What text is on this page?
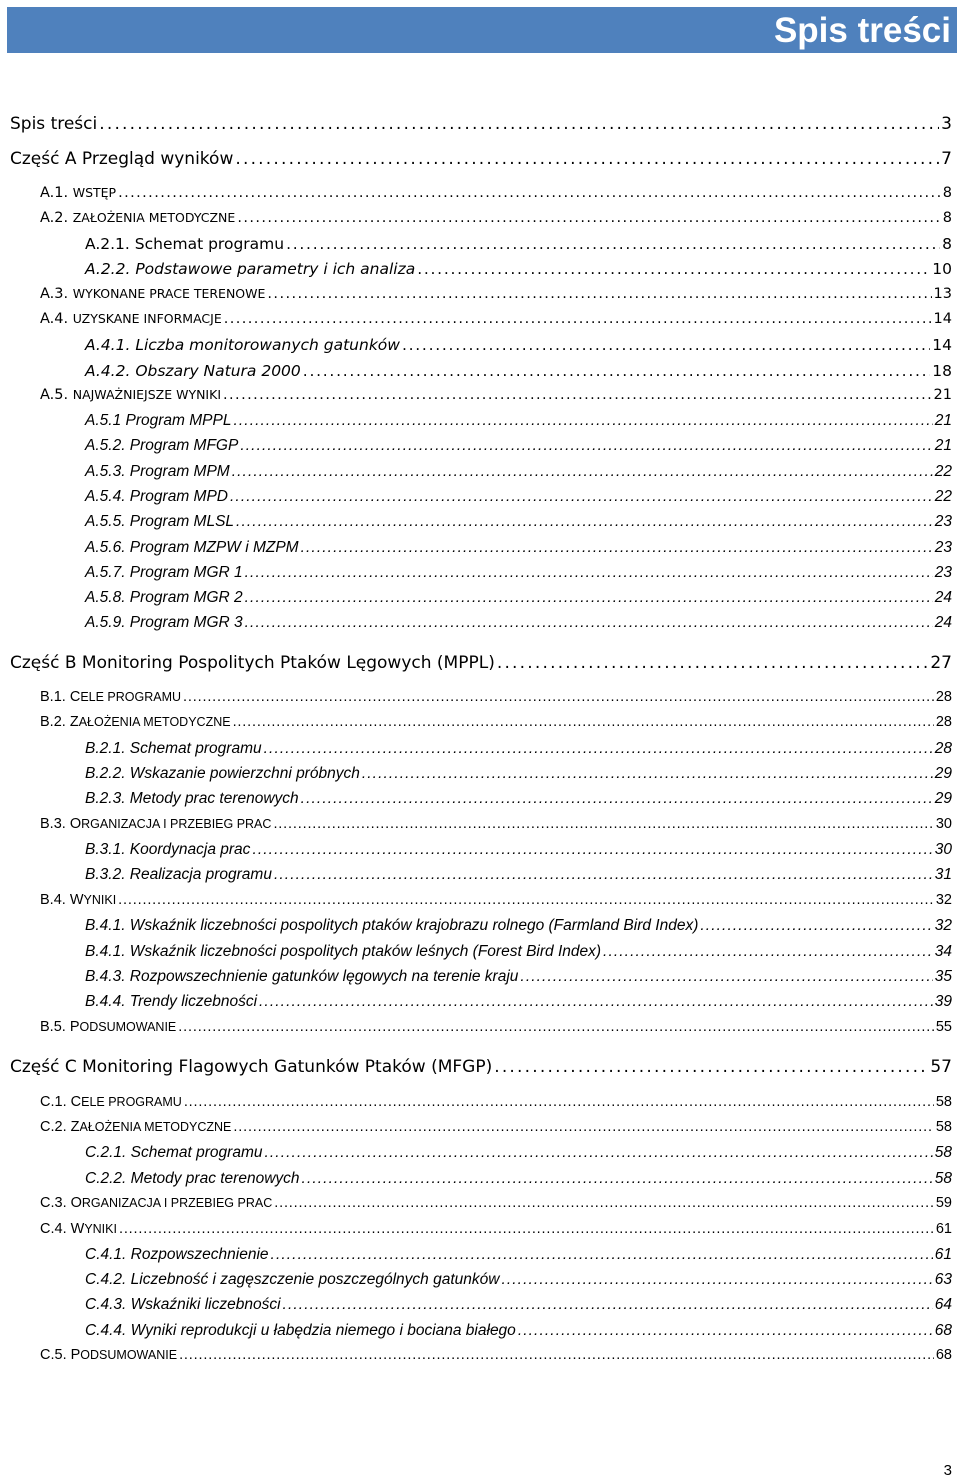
Spis treści
Spis treści . . .	3
Część A Przegląd wyników . . .	7
A.1. WSTĘP . . .	8
A.2. ZAŁOŻENIA METODYCZNE . . .	8
A.2.1. Schemat programu . . .	8
A.2.2. Podstawowe parametry i ich analiza . . .	10
A.3. WYKONANE PRACE TERENOWE . . .	13
A.4. UZYSKANE INFORMACJE . . .	14
A.4.1. Liczba monitorowanych gatunków . . .	14
A.4.2. Obszary Natura 2000 . . .	18
A.5. NAJWAŻNIEJSZE WYNIKI . . .	21
A.5.1 Program MPPL . . .	21
A.5.2. Program MFGP . . .	21
A.5.3. Program MPM . . .	22
A.5.4. Program MPD . . .	22
A.5.5. Program MLSL . . .	23
A.5.6. Program MZPW i MZPM . . .	23
A.5.7. Program MGR 1 . . .	23
A.5.8. Program MGR 2 . . .	24
A.5.9. Program MGR 3 . . .	24
Część B Monitoring Pospolitych Ptaków Lęgowych (MPPL) . . .	27
B.1. CELE PROGRAMU . . .	28
B.2. ZAŁOŻENIA METODYCZNE . . .	28
B.2.1. Schemat programu . . .	28
B.2.2. Wskazanie powierzchni próbnych . . .	29
B.2.3. Metody prac terenowych . . .	29
B.3. ORGANIZACJA I PRZEBIEG PRAC . . .	30
B.3.1. Koordynacja prac . . .	30
B.3.2. Realizacja programu . . .	31
B.4. WYNIKI . . .	32
B.4.1. Wskaźnik liczebności pospolitych ptaków krajobrazu rolnego (Farmland Bird Index) . . .	32
B.4.1. Wskaźnik liczebności pospolitych ptaków leśnych (Forest Bird Index) . . .	34
B.4.3. Rozpowszechnienie gatunków lęgowych na terenie kraju . . .	35
B.4.4. Trendy liczebności . . .	39
B.5. PODSUMOWANIE . . .	55
Część C Monitoring Flagowych Gatunków Ptaków (MFGP) . . .	57
C.1. CELE PROGRAMU . . .	58
C.2. ZAŁOŻENIA METODYCZNE . . .	58
C.2.1. Schemat programu . . .	58
C.2.2. Metody prac terenowych . . .	58
C.3. ORGANIZACJA I PRZEBIEG PRAC . . .	59
C.4. WYNIKI . . .	61
C.4.1. Rozpowszechnienie . . .	61
C.4.2. Liczebność i zagęszczenie poszczególnych gatunków . . .	63
C.4.3. Wskaźniki liczebności . . .	64
C.4.4. Wyniki reprodukcji u łabędzia niemego i bociana białego . . .	68
C.5. PODSUMOWANIE . . .	68
3
